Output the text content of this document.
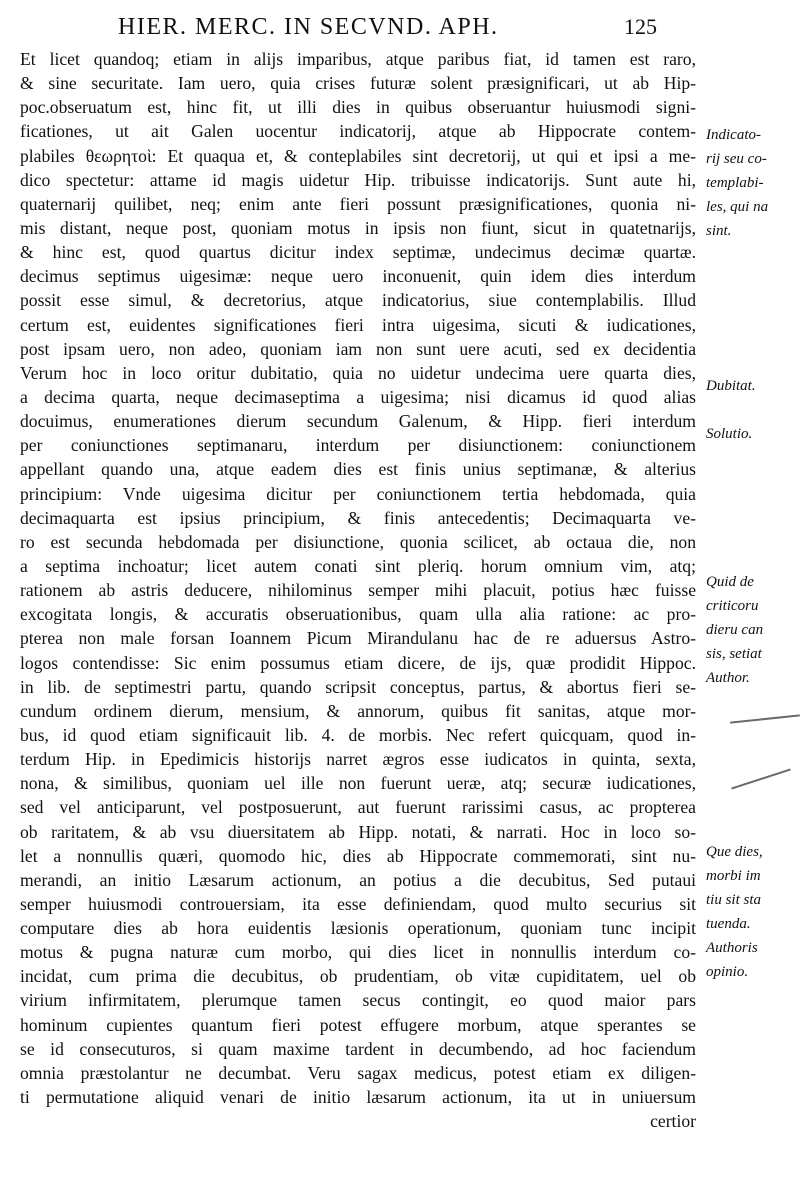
HIER. MERC. IN SECVND. APH.	125
Et licet quandoq; etiam in alijs imparibus, atque paribus fiat, id tamen est raro,
& sine securitate. Iam uero, quia crises futuræ solent præsignificari, ut ab Hip-
poc.obseruatum est, hinc fit, ut illi dies in quibus obseruantur huiusmodi signi-
ficationes, ut ait Galen uocentur indicatorij, atque ab Hippocrate contem-
plabiles θεωρητοὶ: Et quaqua et, & conteplabiles sint decretorij, ut qui et ipsi a me-
dico spectetur: attame id magis uidetur Hip. tribuisse indicatorijs. Sunt aute hi,
quaternarij quilibet, neq; enim ante fieri possunt præsignificationes, quonia ni-
mis distant, neque post, quoniam motus in ipsis non fiunt, sicut in quatetnarijs,
& hinc est, quod quartus dicitur index septimæ, undecimus decimæ quartæ.
decimus septimus uigesimæ: neque uero inconuenit, quin idem dies interdum
possit esse simul, & decretorius, atque indicatorius, siue contemplabilis. Illud
certum est, euidentes significationes fieri intra uigesima, sicuti & iudicationes,
post ipsam uero, non adeo, quoniam iam non sunt uere acuti, sed ex decidentia
Verum hoc in loco oritur dubitatio, quia no uidetur undecima uere quarta dies,
a decima quarta, neque decimaseptima a uigesima; nisi dicamus id quod alias
docuimus, enumerationes dierum secundum Galenum, & Hipp. fieri interdum
per coniunctiones septimanaru, interdum per disiunctionem: coniunctionem
appellant quando una, atque eadem dies est finis unius septimanæ, & alterius
principium: Vnde uigesima dicitur per coniunctionem tertia hebdomada, quia
decimaquarta est ipsius principium, & finis antecedentis; Decimaquarta ve-
ro est secunda hebdomada per disiunctione, quonia scilicet, ab octaua die, non
a septima inchoatur; licet autem conati sint pleriq. horum omnium vim, atq;
rationem ab astris deducere, nihilominus semper mihi placuit, potius hæc fuisse
excogitata longis, & accuratis obseruationibus, quam ulla alia ratione: ac pro-
pterea non male forsan Ioannem Picum Mirandulanu hac de re aduersus Astro-
logos contendisse: Sic enim possumus etiam dicere, de ijs, quæ prodidit Hippoc.
in lib. de septimestri partu, quando scripsit conceptus, partus, & abortus fieri se-
cundum ordinem dierum, mensium, & annorum, quibus fit sanitas, atque mor-
bus, id quod etiam significauit lib. 4. de morbis. Nec refert quicquam, quod in-
terdum Hip. in Epedimicis historijs narret ægros esse iudicatos in quinta, sexta,
nona, & similibus, quoniam uel ille non fuerunt ueræ, atq; securæ iudicationes,
sed vel anticiparunt, vel postposuerunt, aut fuerunt rarissimi casus, ac propterea
ob raritatem, & ab vsu diuersitatem ab Hipp. notati, & narrati. Hoc in loco so-
let a nonnullis quæri, quomodo hic, dies ab Hippocrate commemorati, sint nu-
merandi, an initio Læsarum actionum, an potius a die decubitus, Sed putaui
semper huiusmodi controuersiam, ita esse definiendam, quod multo securius sit
computare dies ab hora euidentis læsionis operationum, quoniam tunc incipit
motus & pugna naturæ cum morbo, qui dies licet in nonnullis interdum co-
incidat, cum prima die decubitus, ob prudentiam, ob vitæ cupiditatem, uel ob
virium infirmitatem, plerumque tamen secus contingit, eo quod maior pars
hominum cupientes quantum fieri potest effugere morbum, atque sperantes se
se id consecuturos, si quam maxime tardent in decumbendo, ad hoc faciendum
omnia præstolantur ne decumbat. Veru sagax medicus, potest etiam ex diligen-
ti permutatione aliquid venari de initio læsarum actionum, ita ut in uniuersum
certior
Indicato-
rij seu co-
templabi-
les, qui na
sint.
Dubitat.
Solutio.
Quid de
criticoru
dieru can
sis, setiat
Author.
Que dies,
morbi im
tiu sit sta
tuenda.
Authoris
opinio.
